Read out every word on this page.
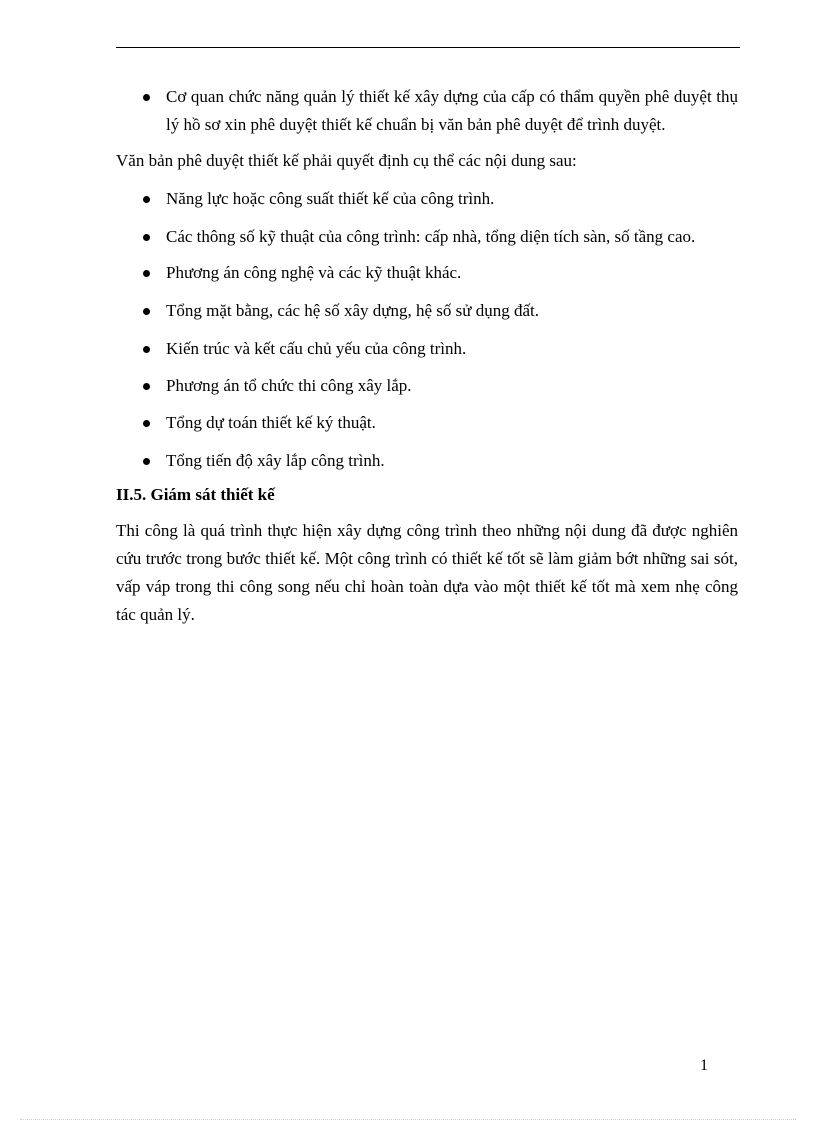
Cơ quan chức năng quản lý thiết kế xây dựng của cấp có thẩm quyền phê duyệt thụ lý hồ sơ xin phê duyệt thiết kế chuẩn bị văn bản phê duyệt để trình duyệt.

Văn bản phê duyệt thiết kế phải quyết định cụ thể các nội dung sau:

Năng lực hoặc công suất thiết kế của công trình.
Các thông số kỹ thuật của công trình: cấp nhà, tổng diện tích sàn, số tầng cao.
Phương án công nghệ và các kỹ thuật khác.
Tổng mặt bằng, các hệ số xây dựng, hệ số sử dụng đất.
Kiến trúc và kết cấu chủ yếu của công trình.
Phương án tổ chức thi công xây lắp.
Tổng dự toán thiết kế ký thuật.
Tổng tiến độ xây lắp công trình.

II.5. Giám sát thiết kế

Thi công là quá trình thực hiện xây dựng công trình theo những nội dung đã được nghiên cứu trước trong bước thiết kế. Một công trình có thiết kế tốt sẽ làm giảm bớt những sai sót, vấp váp trong thi công song nếu chỉ hoàn toàn dựa vào một thiết kế tốt mà xem nhẹ công tác quản lý.

1
